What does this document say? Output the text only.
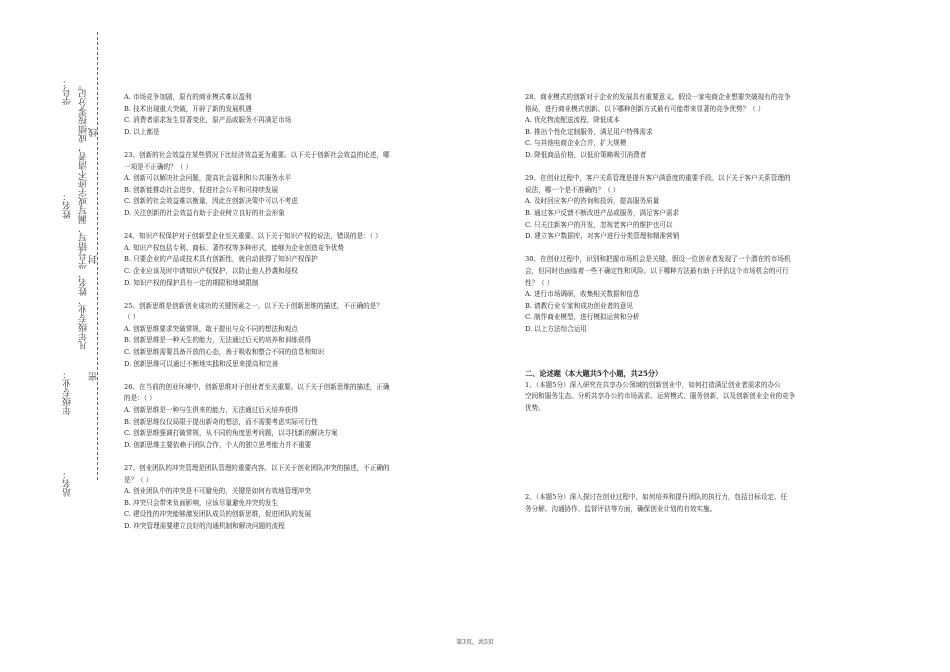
学号：
姓名：
年级专业：
站名：
凡年级专业、姓名、学号错写、漏写或字迹不清者，成绩按零分记。 线
封
密

A. 市场竞争加剧，原有的商业模式难以盈利

B. 技术出现重大突破，开辟了新的发展机遇

C. 消费者需求发生显著变化，原产品或服务不再满足市场

D. 以上都是

23、创新的社会效益在某些情况下比经济效益更为重要。以下关于创新社会效益的论述，哪

一项是不正确的？（ ）

A. 创新可以解决社会问题，提高社会福利和公共服务水平

B. 创新能推动社会进步，促进社会公平和可持续发展

C. 创新的社会效益难以衡量，因此在创新决策中可以不考虑

D. 关注创新的社会效益有助于企业树立良好的社会形象

24、知识产权保护对于创新型企业至关重要。以下关于知识产权的说法，错误的是：（ ）

A. 知识产权包括专利、商标、著作权等多种形式，能够为企业创造竞争优势

B. 只要企业的产品或技术具有创新性，就自动获得了知识产权保护

C. 企业应该及时申请知识产权保护，以防止他人抄袭和侵权

D. 知识产权的保护具有一定的期限和地域限制

25、创新思维是创新创业成功的关键因素之一。以下关于创新思维的描述，不正确的是？

（ ）

A. 创新思维要求突破常规，敢于提出与众不同的想法和观点

B. 创新思维是一种天生的能力，无法通过后天的培养和训练获得

C. 创新思维需要具备开放的心态，善于吸收和整合不同的信息和知识

D. 创新思维可以通过不断地实践和反思来提高和完善

26、在当前的创业环境中，创新思维对于创业者至关重要。以下关于创新思维的描述，正确

的是：（ ）

A. 创新思维是一种与生俱来的能力，无法通过后天培养获得

B. 创新思维仅仅局限于提出新奇的想法，而不需要考虑实际可行性

C. 创新思维强调打破常规，从不同的角度思考问题，以寻找新的解决方案

D. 创新思维主要依赖于团队合作，个人的独立思考能力并不重要

27、创业团队的冲突管理是团队管理的重要内容。以下关于创业团队冲突的描述，不正确的

是？（ ）

A. 创业团队中的冲突是不可避免的，关键是如何有效地管理冲突

B. 冲突只会带来负面影响，应该尽量避免冲突的发生

C. 建设性的冲突能够激发团队成员的创新思维，促进团队的发展

D. 冲突管理需要建立良好的沟通机制和解决问题的流程

28、商业模式的创新对于企业的发展具有重要意义。假设一家电商企业想要突破现有的竞争

格局，进行商业模式创新。以下哪种创新方式最有可能带来显著的竞争优势？（ ）

A. 优化物流配送流程，降低成本

B. 推出个性化定制服务，满足用户特殊需求

C. 与其他电商企业合并，扩大规模

D. 降低商品价格，以低价策略吸引消费者

29、在创业过程中，客户关系管理是提升客户满意度的重要手段。以下关于客户关系管理的

说法，哪一个是不准确的？（ ）

A. 及时回应客户的咨询和投诉，提高服务质量

B. 通过客户反馈不断改进产品或服务，满足客户需求

C. 只关注新客户的开发，忽视老客户的维护也可以

D. 建立客户数据库，对客户进行分类管理和精准营销

30、在创业过程中，识别和把握市场机会是关键。假设一位创业者发现了一个潜在的市场机

会，但同时也面临着一些不确定性和风险。以下哪种方法最有助于评估这个市场机会的可行

性？（ ）

A. 进行市场调研，收集相关数据和信息

B. 请教行业专家和成功创业者的意见

C. 制作商业模型，进行模拟运营和分析

D. 以上方法综合运用

二、论述题（本大题共5个小题，共25分）

1、（本题5分）深入研究在共享办公领域的创新创业中，如何打造满足创业者需求的办公

空间和服务生态。分析共享办公的市场需求、运营模式、服务创新，以及创新创业企业的竞争

优势。

2、（本题5分）深入探讨在创业过程中，如何培养和提升团队的执行力，包括目标设定、任

务分解、沟通协作、监督评估等方面，确保创业计划的有效实施。

第3页，共5页
